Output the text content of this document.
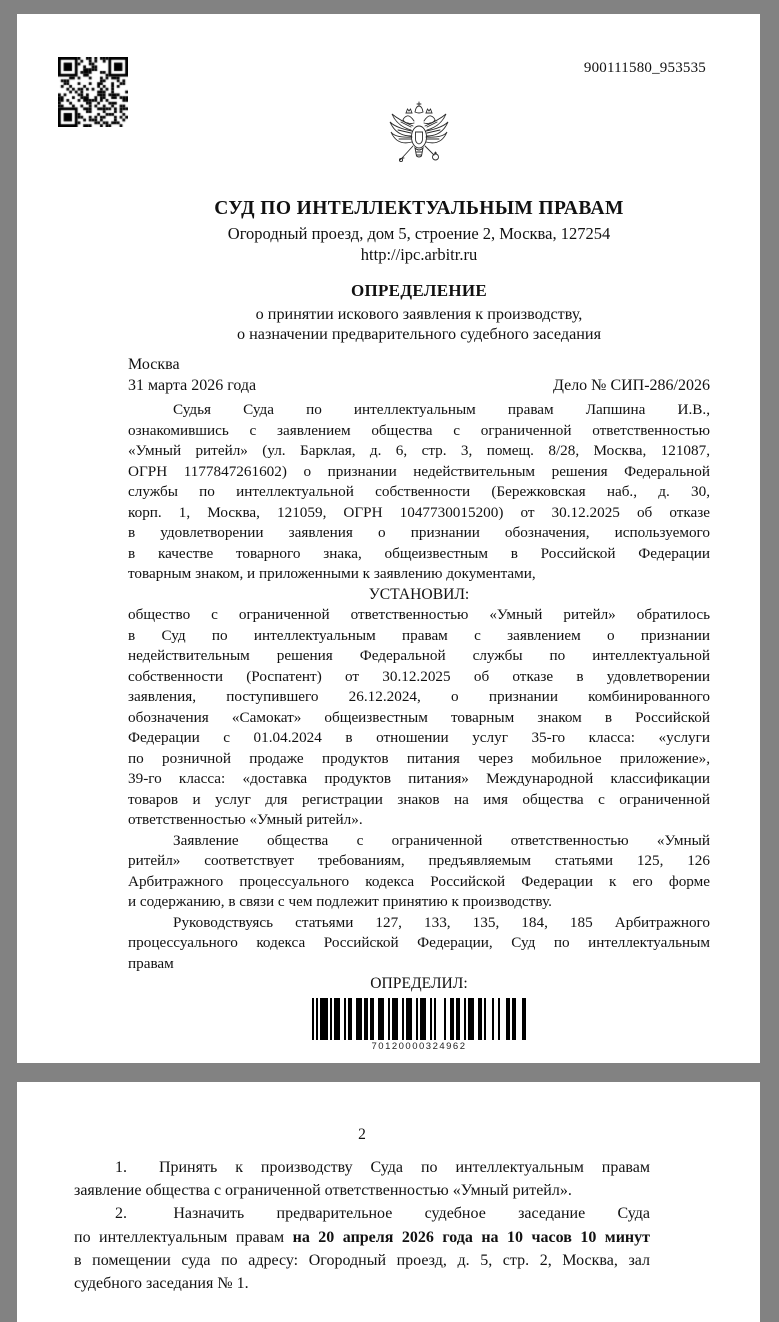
900111580_953535
СУД ПО ИНТЕЛЛЕКТУАЛЬНЫМ ПРАВАМ
Огородный проезд, дом 5, строение 2, Москва, 127254
http://ipc.arbitr.ru
ОПРЕДЕЛЕНИЕ
о принятии искового заявления к производству,
о назначении предварительного судебного заседания
Москва
31 марта 2026 года	Дело № СИП-286/2026
Судья Суда по интеллектуальным правам Лапшина И.В.,
ознакомившись с заявлением общества с ограниченной ответственностью
«Умный ритейл» (ул. Барклая, д. 6, стр. 3, помещ. 8/28, Москва, 121087,
ОГРН 1177847261602) о признании недействительным решения Федеральной
службы по интеллектуальной собственности (Бережковская наб., д. 30,
корп. 1, Москва, 121059, ОГРН 1047730015200) от 30.12.2025 об отказе
в удовлетворении заявления о признании обозначения, используемого
в качестве товарного знака, общеизвестным в Российской Федерации
товарным знаком, и приложенными к заявлению документами,
УСТАНОВИЛ:
общество с ограниченной ответственностью «Умный ритейл» обратилось
в Суд по интеллектуальным правам с заявлением о признании
недействительным решения Федеральной службы по интеллектуальной
собственности (Роспатент) от 30.12.2025 об отказе в удовлетворении
заявления, поступившего 26.12.2024, о признании комбинированного
обозначения «Самокат» общеизвестным товарным знаком в Российской
Федерации с 01.04.2024 в отношении услуг 35-го класса: «услуги
по розничной продаже продуктов питания через мобильное приложение»,
39-го класса: «доставка продуктов питания» Международной классификации
товаров и услуг для регистрации знаков на имя общества с ограниченной
ответственностью «Умный ритейл».
Заявление общества с ограниченной ответственностью «Умный
ритейл» соответствует требованиям, предъявляемым статьями 125, 126
Арбитражного процессуального кодекса Российской Федерации к его форме
и содержанию, в связи с чем подлежит принятию к производству.
Руководствуясь статьями 127, 133, 135, 184, 185 Арбитражного
процессуального кодекса Российской Федерации, Суд по интеллектуальным
правам
ОПРЕДЕЛИЛ:
70120000324962
2
1. Принять к производству Суда по интеллектуальным правам
заявление общества с ограниченной ответственностью «Умный ритейл».
2.	Назначить предварительное судебное заседание Суда
по интеллектуальным правам на 20 апреля 2026 года на 10 часов 10 минут
в помещении суда по адресу: Огородный проезд, д. 5, стр. 2, Москва, зал
судебного заседания № 1.
